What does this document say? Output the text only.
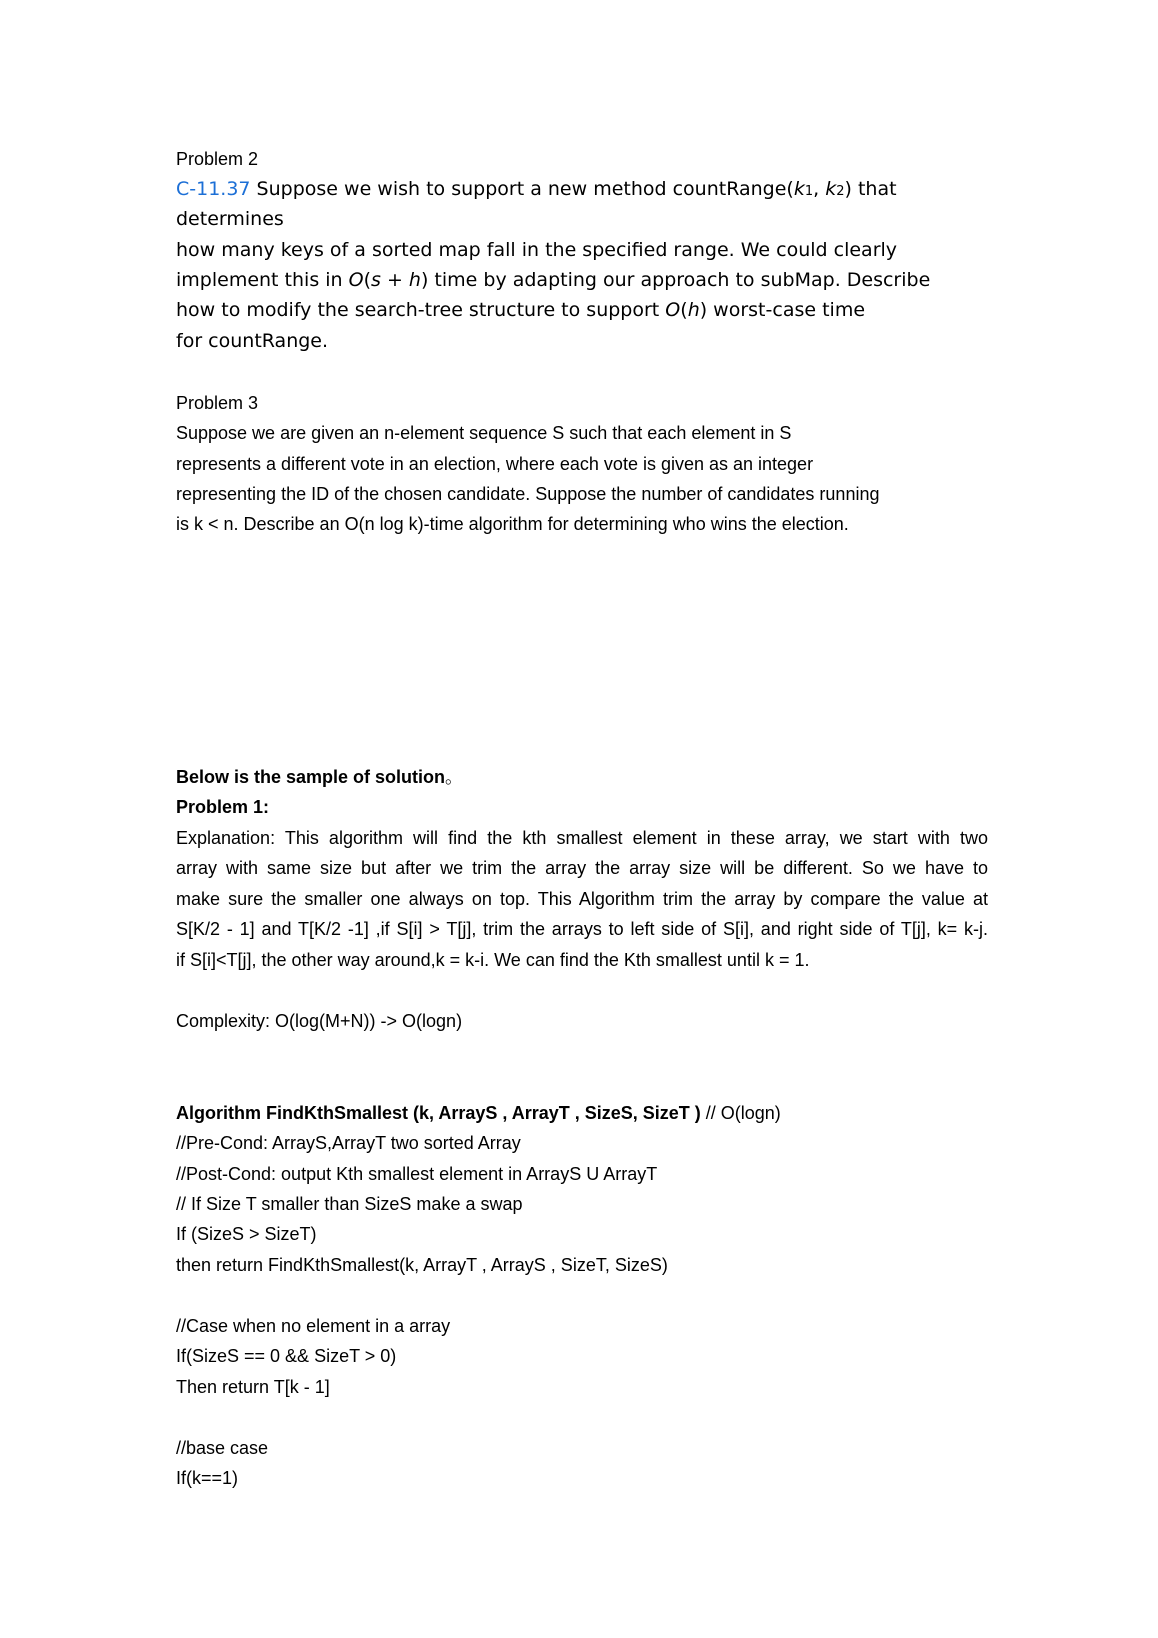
Problem 2

C-11.37 Suppose we wish to support a new method countRange(k1, k2) that

determines

how many keys of a sorted map fall in the specified range. We could clearly

implement this in O(s + h) time by adapting our approach to subMap. Describe

how to modify the search-tree structure to support O(h) worst-case time

for countRange.

Problem 3

Suppose we are given an n-element sequence S such that each element in S

represents a different vote in an election, where each vote is given as an integer

representing the ID of the chosen candidate. Suppose the number of candidates running

is k < n. Describe an O(n log k)-time algorithm for determining who wins the election.

Below is the sample of solution。

Problem 1:

Explanation: This algorithm will find the kth smallest element in these array, we start with two

array with same size but after we trim the array the array size will be different. So we have to

make sure the smaller one always on top. This Algorithm trim the array by compare the value at

S[K/2 - 1] and T[K/2 -1] ,if S[i] > T[j], trim the arrays to left side of S[i], and right side of T[j], k= k-j.

if S[i]<T[j], the other way around,k = k-i. We can find the Kth smallest until k = 1.

Complexity: O(log(M+N)) -> O(logn)

Algorithm FindKthSmallest (k, ArrayS , ArrayT , SizeS, SizeT ) // O(logn)

//Pre-Cond: ArrayS,ArrayT two sorted Array

//Post-Cond: output Kth smallest element in ArrayS U ArrayT

// If Size T smaller than SizeS make a swap

If (SizeS > SizeT)

then return FindKthSmallest(k, ArrayT , ArrayS , SizeT, SizeS)

//Case when no element in a array

If(SizeS == 0 && SizeT > 0)

Then return T[k - 1]

//base case

If(k==1)
